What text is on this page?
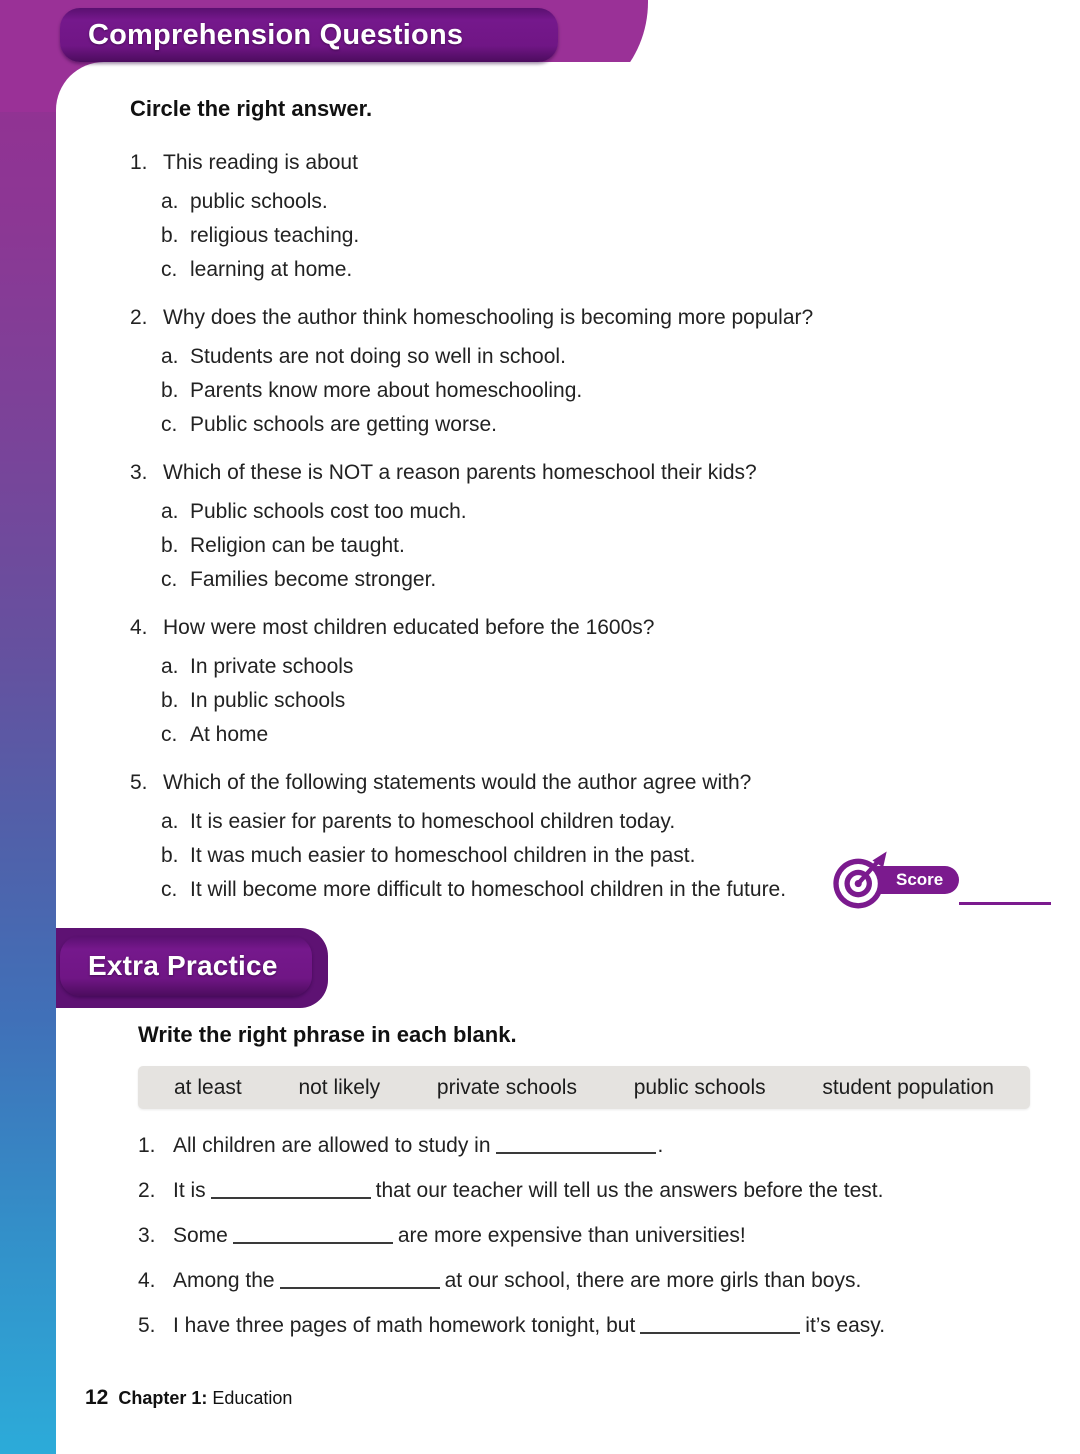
Comprehension Questions
Circle the right answer.
1. This reading is about
a. public schools.
b. religious teaching.
c. learning at home.
2. Why does the author think homeschooling is becoming more popular?
a. Students are not doing so well in school.
b. Parents know more about homeschooling.
c. Public schools are getting worse.
3. Which of these is NOT a reason parents homeschool their kids?
a. Public schools cost too much.
b. Religion can be taught.
c. Families become stronger.
4. How were most children educated before the 1600s?
a. In private schools
b. In public schools
c. At home
5. Which of the following statements would the author agree with?
a. It is easier for parents to homeschool children today.
b. It was much easier to homeschool children in the past.
c. It will become more difficult to homeschool children in the future.	Score
Extra Practice
Write the right phrase in each blank.
at least	not likely	private schools	public schools	student population
1. All children are allowed to study in	.
2. It is	that our teacher will tell us the answers before the test.
3. Some	are more expensive than universities!
4. Among the	at our school, there are more girls than boys.
5. I have three pages of math homework tonight, but	it’s easy.
12 Chapter 1: Education
